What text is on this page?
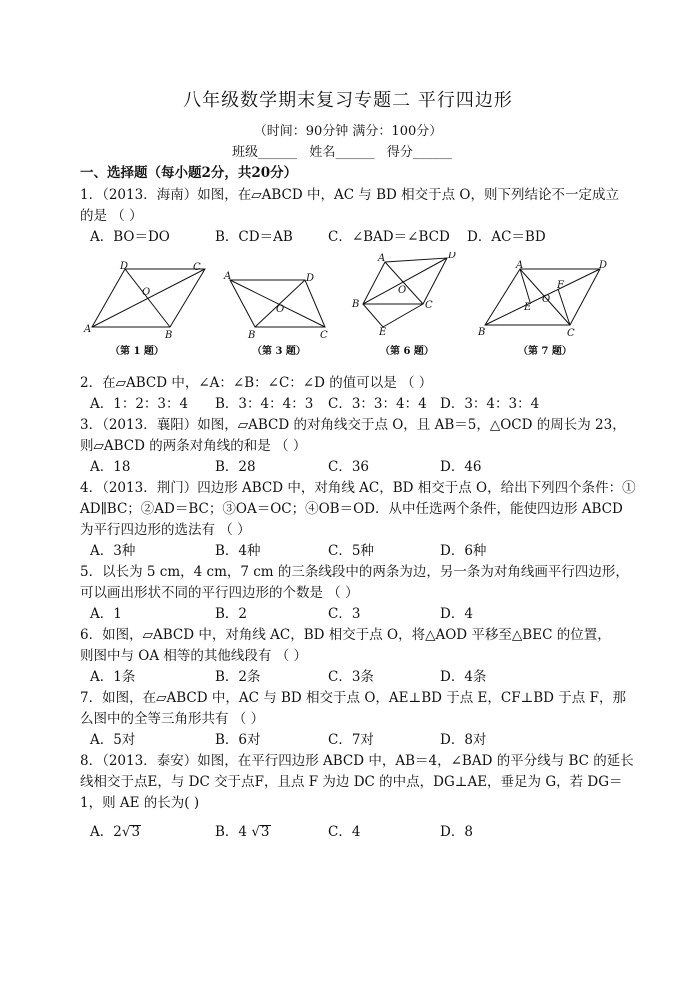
八年级数学期末复习专题二 平行四边形
（时间：90分钟 满分：100分）
班级______ 姓名______ 得分______
一、选择题（每小题2分，共20分）
1．（2013．海南）如图，在▱ABCD 中，AC 与 BD 相交于点 O，则下列结论不一定成立
的是 （ ）
A．BO＝DO	B．CD＝AB	C．∠BAD＝∠BCD D．AC＝BD
A
B
C
D
O
A
B	C
D
O
A
B	C
D
E
O
A
B	C
D
E
F
O
（第 1 题）	（第 3 题）	（第 6 题）	（第 7 题）
2．在▱ABCD 中，∠A：∠B：∠C：∠D 的值可以是 （ ）
A．1：2：3：4 B．3：4：4：3 C．3：3：4：4 D．3：4：3：4
3．（2013．襄阳）如图，▱ABCD 的对角线交于点 O，且 AB＝5，△OCD 的周长为 23，
则▱ABCD 的两条对角线的和是 （ ）
A．18	B．28	C．36	D．46
4．（2013．荆门）四边形 ABCD 中，对角线 AC，BD 相交于点 O，给出下列四个条件：①
AD∥BC；②AD＝BC；③OA＝OC；④OB＝OD．从中任选两个条件，能使四边形 ABCD
为平行四边形的选法有 （ ）
A．3种	B．4种	C．5种	D．6种
5．以长为 5 cm，4 cm，7 cm 的三条线段中的两条为边，另一条为对角线画平行四边形，
可以画出形状不同的平行四边形的个数是 （ ）
A．1	B．2	C．3	D．4
6．如图，▱ABCD 中，对角线 AC，BD 相交于点 O，将△AOD 平移至△BEC 的位置，
则图中与 OA 相等的其他线段有 （ ）
A．1条	B．2条	C．3条	D．4条
7．如图，在▱ABCD 中，AC 与 BD 相交于点 O，AE⊥BD 于点 E，CF⊥BD 于点 F，那
么图中的全等三角形共有 （ ）
A．5对	B．6对	C．7对	D．8对
8．（2013．泰安）如图，在平行四边形 ABCD 中，AB＝4，∠BAD 的平分线与 BC 的延长
线相交于点E，与 DC 交于点F，且点 F 为边 DC 的中点，DG⊥AE，垂足为 G，若 DG＝
1，则 AE 的长为( )
A．2√3	B．4 √3	C．4	D．8
